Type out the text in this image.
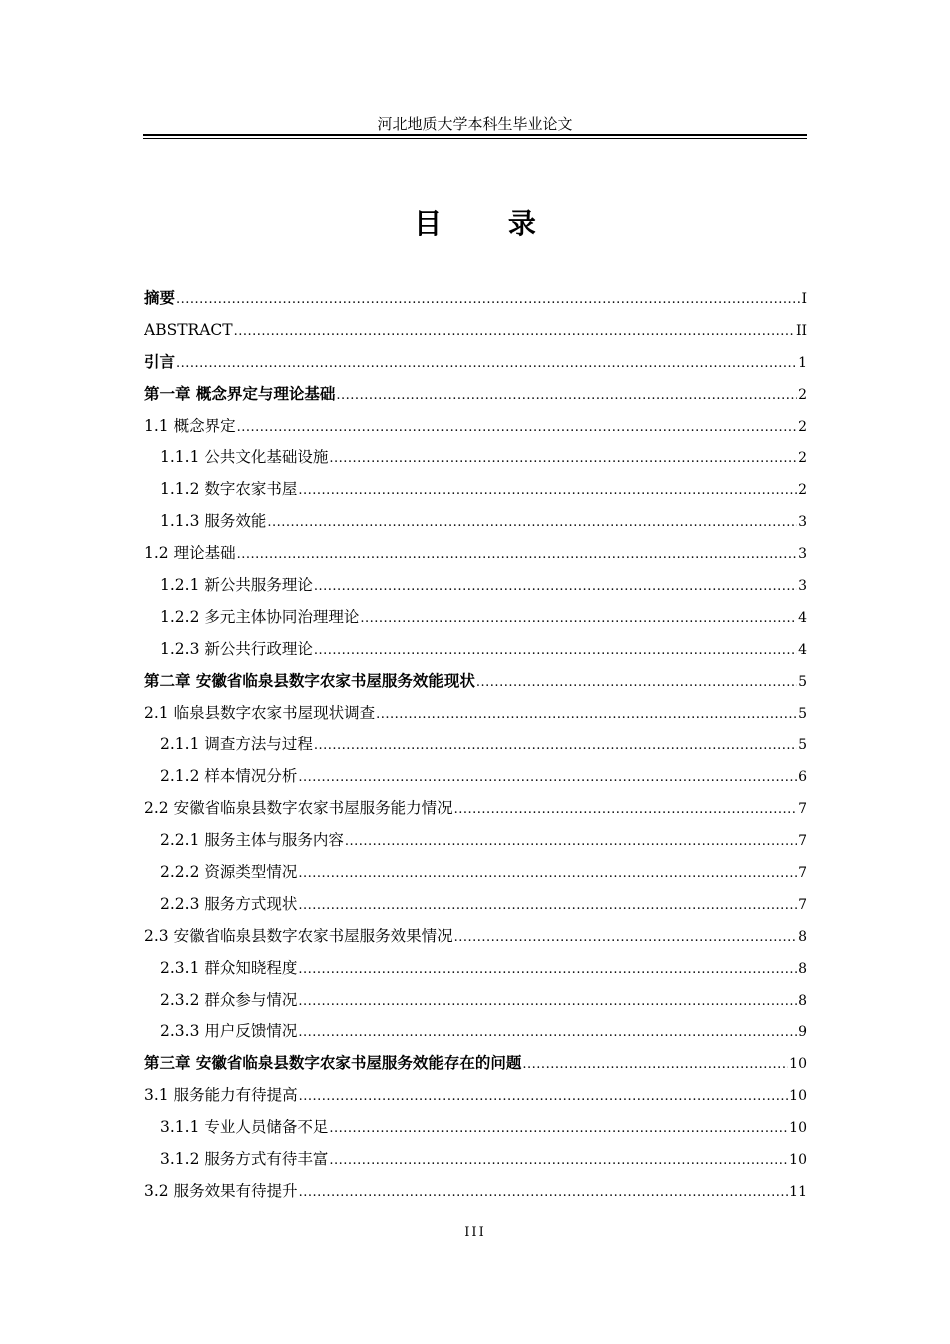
河北地质大学本科生毕业论文
目 录
摘要 .....	I
ABSTRACT .....	II
引言 .....	1
第一章 概念界定与理论基础 .....	2
1.1 概念界定 .....	2
1.1.1 公共文化基础设施 .....	2
1.1.2 数字农家书屋 .....	2
1.1.3 服务效能 .....	3
1.2 理论基础 .....	3
1.2.1 新公共服务理论 .....	3
1.2.2 多元主体协同治理理论 .....	4
1.2.3 新公共行政理论 .....	4
第二章 安徽省临泉县数字农家书屋服务效能现状 .....	5
2.1 临泉县数字农家书屋现状调查 .....	5
2.1.1 调查方法与过程 .....	5
2.1.2 样本情况分析 .....	6
2.2 安徽省临泉县数字农家书屋服务能力情况 .....	7
2.2.1 服务主体与服务内容 .....	7
2.2.2 资源类型情况 .....	7
2.2.3 服务方式现状 .....	7
2.3 安徽省临泉县数字农家书屋服务效果情况 .....	8
2.3.1 群众知晓程度 .....	8
2.3.2 群众参与情况 .....	8
2.3.3 用户反馈情况 .....	9
第三章 安徽省临泉县数字农家书屋服务效能存在的问题 .....	10
3.1 服务能力有待提高 .....	10
3.1.1 专业人员储备不足 .....	10
3.1.2 服务方式有待丰富 .....	10
3.2 服务效果有待提升 .....	11
III
